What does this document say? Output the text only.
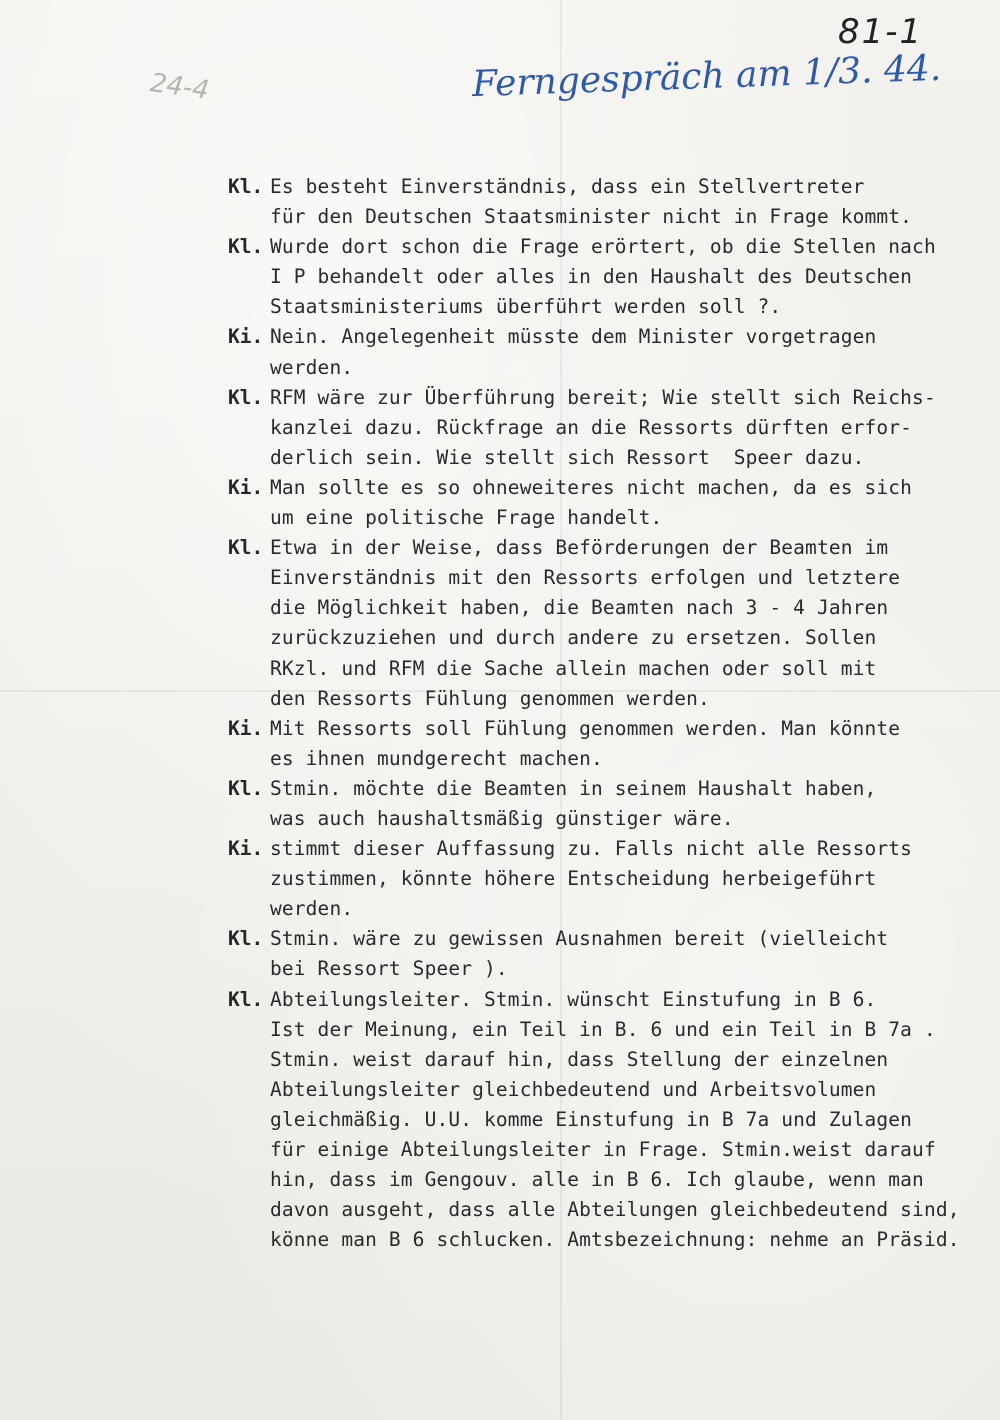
81-1
24-4	Ferngespräch am 1/3. 44.
Kl. Es besteht Einverständnis, dass ein Stellvertreter
für den Deutschen Staatsminister nicht in Frage kommt.
Kl. Wurde dort schon die Frage erörtert, ob die Stellen nach
I P behandelt oder alles in den Haushalt des Deutschen
Staatsministeriums überführt werden soll ?.
Ki. Nein. Angelegenheit müsste dem Minister vorgetragen
werden.
Kl. RFM wäre zur Überführung bereit; Wie stellt sich Reichs-
kanzlei dazu. Rückfrage an die Ressorts dürften erfor-
derlich sein. Wie stellt sich Ressort  Speer dazu.
Ki. Man sollte es so ohneweiteres nicht machen, da es sich
um eine politische Frage handelt.
Kl. Etwa in der Weise, dass Beförderungen der Beamten im
Einverständnis mit den Ressorts erfolgen und letztere
die Möglichkeit haben, die Beamten nach 3 - 4 Jahren
zurückzuziehen und durch andere zu ersetzen. Sollen
RKzl. und RFM die Sache allein machen oder soll mit
den Ressorts Fühlung genommen werden.
Ki. Mit Ressorts soll Fühlung genommen werden. Man könnte
es ihnen mundgerecht machen.
Kl. Stmin. möchte die Beamten in seinem Haushalt haben,
was auch haushaltsmäßig günstiger wäre.
Ki. stimmt dieser Auffassung zu. Falls nicht alle Ressorts
zustimmen, könnte höhere Entscheidung herbeigeführt
werden.
Kl. Stmin. wäre zu gewissen Ausnahmen bereit (vielleicht
bei Ressort Speer ).
Kl. Abteilungsleiter. Stmin. wünscht Einstufung in B 6.
Ist der Meinung, ein Teil in B. 6 und ein Teil in B 7a .
Stmin. weist darauf hin, dass Stellung der einzelnen
Abteilungsleiter gleichbedeutend und Arbeitsvolumen
gleichmäßig. U.U. komme Einstufung in B 7a und Zulagen
für einige Abteilungsleiter in Frage. Stmin.weist darauf
hin, dass im Gengouv. alle in B 6. Ich glaube, wenn man
davon ausgeht, dass alle Abteilungen gleichbedeutend sind,
könne man B 6 schlucken. Amtsbezeichnung: nehme an Präsid.
